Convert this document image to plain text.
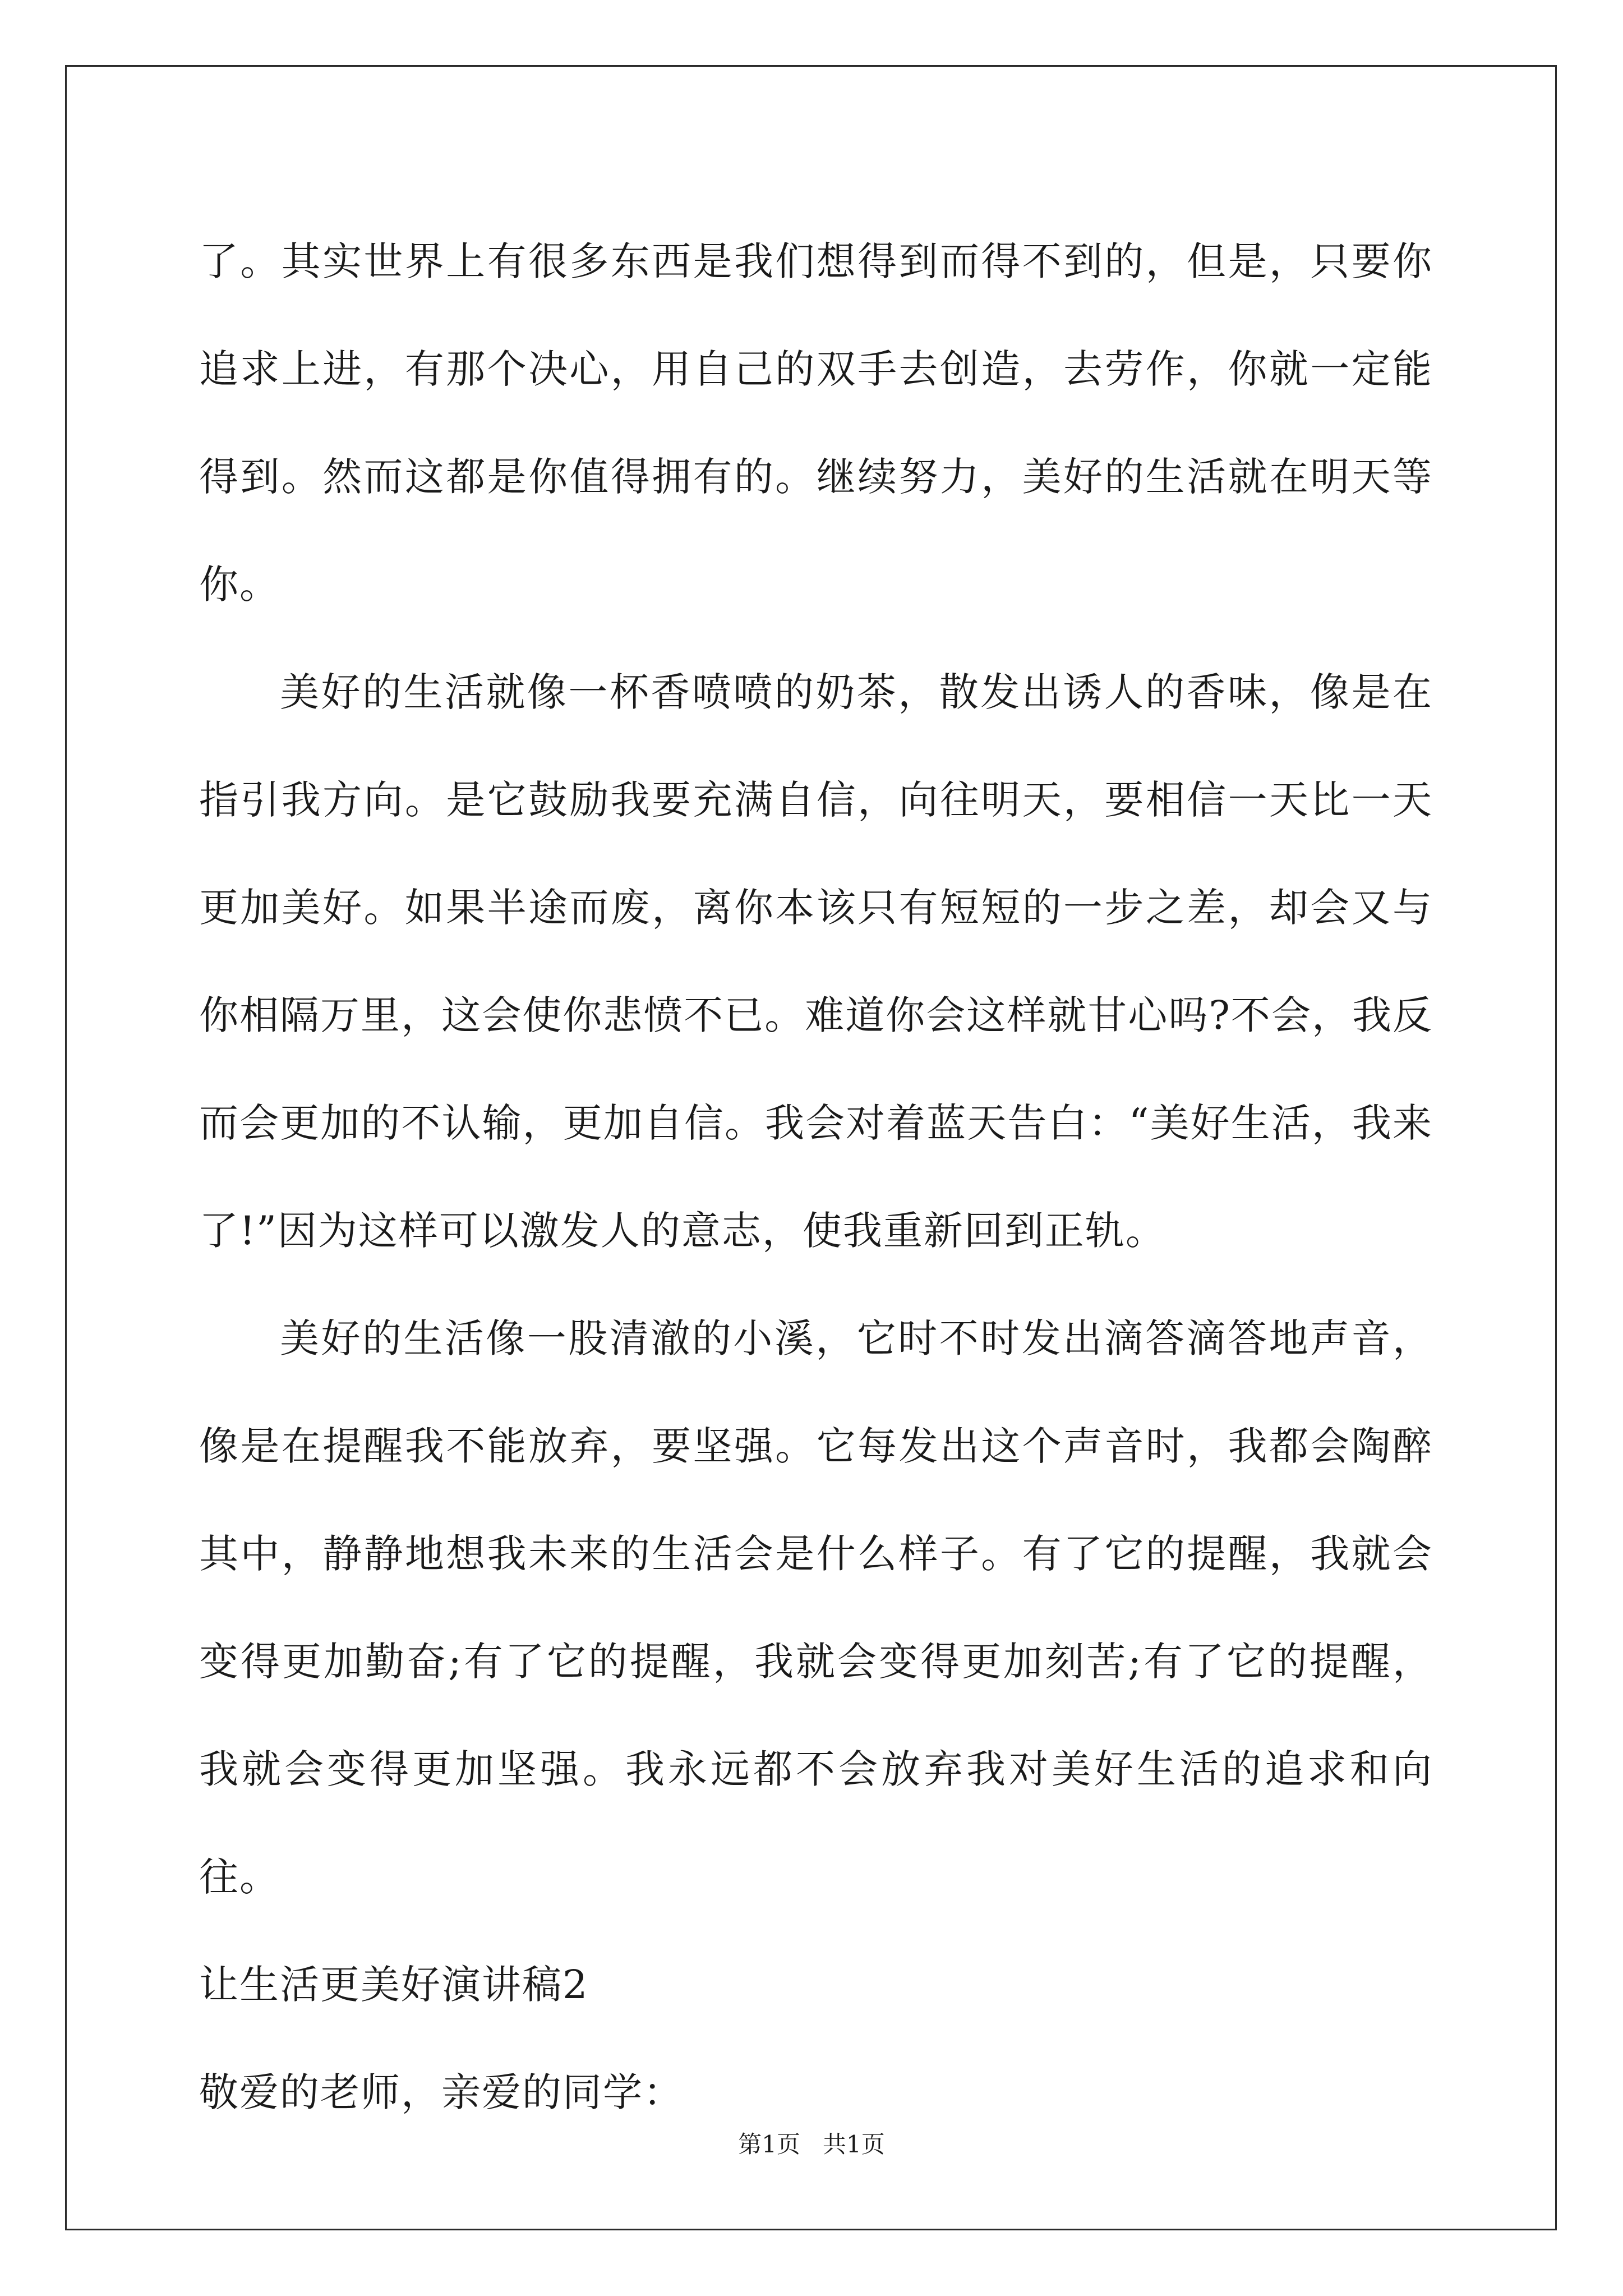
了。其实世界上有很多东西是我们想得到而得不到的，但是，只要你追求上进，有那个决心，用自己的双手去创造，去劳作，你就一定能得到。然而这都是你值得拥有的。继续努力，美好的生活就在明天等你。

美好的生活就像一杯香喷喷的奶茶，散发出诱人的香味，像是在指引我方向。是它鼓励我要充满自信，向往明天，要相信一天比一天更加美好。如果半途而废，离你本该只有短短的一步之差，却会又与你相隔万里，这会使你悲愤不已。难道你会这样就甘心吗?不会，我反而会更加的不认输，更加自信。我会对着蓝天告白：“美好生活，我来了!”因为这样可以激发人的意志，使我重新回到正轨。

美好的生活像一股清澈的小溪，它时不时发出滴答滴答地声音，像是在提醒我不能放弃，要坚强。它每发出这个声音时，我都会陶醉其中，静静地想我未来的生活会是什么样子。有了它的提醒，我就会变得更加勤奋;有了它的提醒，我就会变得更加刻苦;有了它的提醒，我就会变得更加坚强。我永远都不会放弃我对美好生活的追求和向往。

让生活更美好演讲稿2

敬爱的老师，亲爱的同学：

第1页 共1页
